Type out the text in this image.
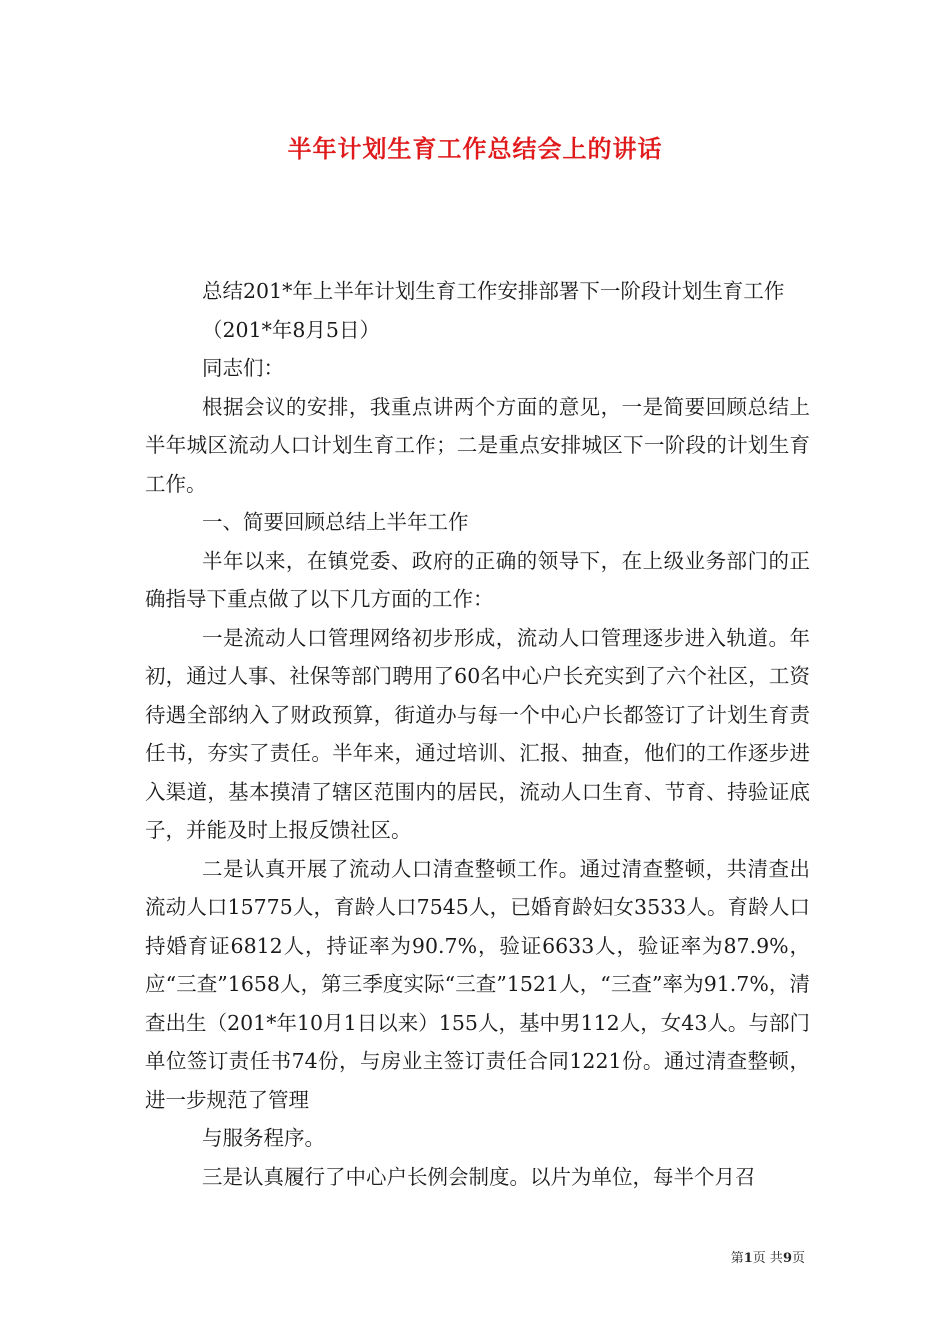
半年计划生育工作总结会上的讲话

总结201*年上半年计划生育工作安排部署下一阶段计划生育工作

（201*年8月5日）

同志们：

根据会议的安排，我重点讲两个方面的意见，一是简要回顾总结上半年城区流动人口计划生育工作；二是重点安排城区下一阶段的计划生育工作。

一、简要回顾总结上半年工作

半年以来，在镇党委、政府的正确的领导下，在上级业务部门的正确指导下重点做了以下几方面的工作：

一是流动人口管理网络初步形成，流动人口管理逐步进入轨道。年初，通过人事、社保等部门聘用了60名中心户长充实到了六个社区，工资待遇全部纳入了财政预算，街道办与每一个中心户长都签订了计划生育责任书，夯实了责任。半年来，通过培训、汇报、抽查，他们的工作逐步进入渠道，基本摸清了辖区范围内的居民，流动人口生育、节育、持验证底子，并能及时上报反馈社区。

二是认真开展了流动人口清查整顿工作。通过清查整顿，共清查出流动人口15775人，育龄人口7545人，已婚育龄妇女3533人。育龄人口持婚育证6812人，持证率为90.7%，验证6633人，验证率为87.9%，应“三查”1658人，第三季度实际“三查”1521人，“三查”率为91.7%，清查出生（201*年10月1日以来）155人，基中男112人，女43人。与部门单位签订责任书74份，与房业主签订责任合同1221份。通过清查整顿，进一步规范了管理

与服务程序。

三是认真履行了中心户长例会制度。以片为单位，每半个月召

第1页 共9页
